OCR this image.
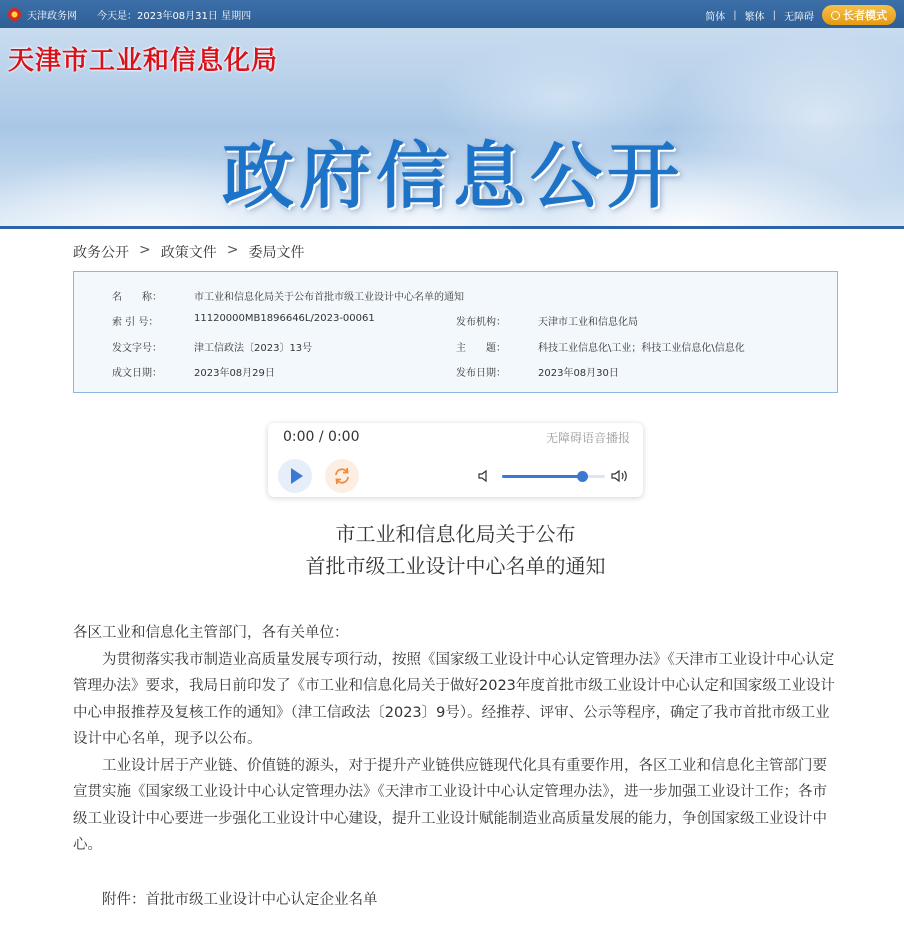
天津政务网 今天是：2023年08月31日 星期四	简体 | 繁体 | 无障碍	长者模式
天津市工业和信息化局
政府信息公开
政务公开 > 政策文件 > 委局文件
名　　称：	市工业和信息化局关于公布首批市级工业设计中心名单的通知
索 引 号：	11120000MB1896646L/2023-00061	发布机构：	天津市工业和信息化局
发文字号：	津工信政法〔2023〕13号	主　　题：	科技工业信息化\工业；科技工业信息化\信息化
成文日期：	2023年08月29日	发布日期：	2023年08月30日
0:00 / 0:00	无障碍语音播报
市工业和信息化局关于公布
首批市级工业设计中心名单的通知

各区工业和信息化主管部门，各有关单位：

为贯彻落实我市制造业高质量发展专项行动，按照《国家级工业设计中心认定管理办法》《天津市工业设计中心认定管理办法》要求，我局日前印发了《市工业和信息化局关于做好2023年度首批市级工业设计中心认定和国家级工业设计中心申报推荐及复核工作的通知》（津工信政法〔2023〕9号）。经推荐、评审、公示等程序，确定了我市首批市级工业设计中心名单，现予以公布。

工业设计居于产业链、价值链的源头，对于提升产业链供应链现代化具有重要作用，各区工业和信息化主管部门要宣贯实施《国家级工业设计中心认定管理办法》《天津市工业设计中心认定管理办法》，进一步加强工业设计工作；各市级工业设计中心要进一步强化工业设计中心建设，提升工业设计赋能制造业高质量发展的能力，争创国家级工业设计中心。

附件：首批市级工业设计中心认定企业名单
